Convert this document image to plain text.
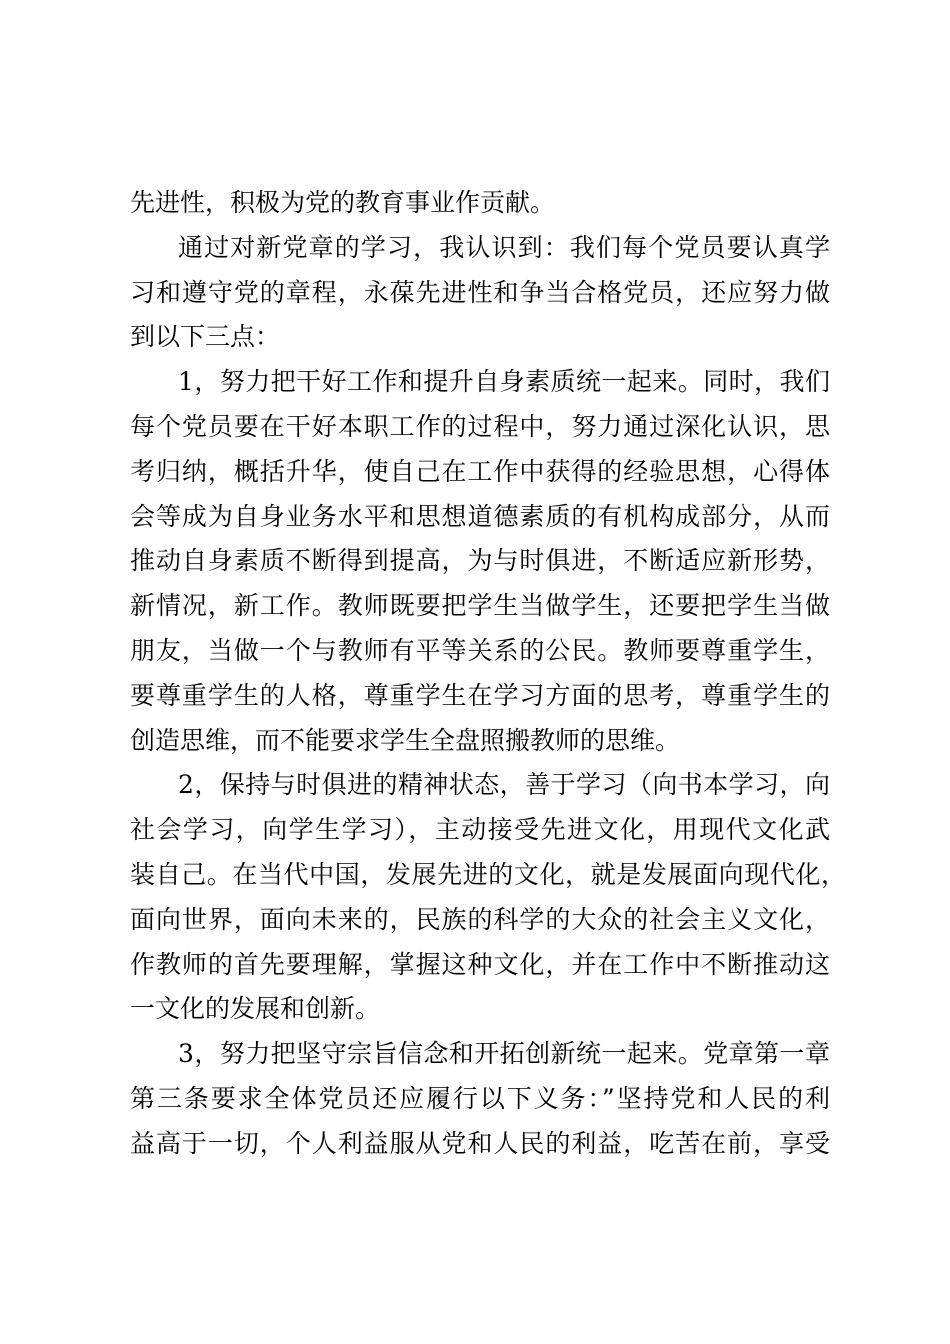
先进性，积极为党的教育事业作贡献。
通过对新党章的学习，我认识到：我们每个党员要认真学
习和遵守党的章程，永葆先进性和争当合格党员，还应努力做
到以下三点：
1，努力把干好工作和提升自身素质统一起来。同时，我们
每个党员要在干好本职工作的过程中，努力通过深化认识，思
考归纳，概括升华，使自己在工作中获得的经验思想，心得体
会等成为自身业务水平和思想道德素质的有机构成部分，从而
推动自身素质不断得到提高，为与时俱进，不断适应新形势，
新情况，新工作。教师既要把学生当做学生，还要把学生当做
朋友，当做一个与教师有平等关系的公民。教师要尊重学生，
要尊重学生的人格，尊重学生在学习方面的思考，尊重学生的
创造思维，而不能要求学生全盘照搬教师的思维。
2，保持与时俱进的精神状态，善于学习（向书本学习，向
社会学习，向学生学习），主动接受先进文化，用现代文化武
装自己。在当代中国，发展先进的文化，就是发展面向现代化，
面向世界，面向未来的，民族的科学的大众的社会主义文化，
作教师的首先要理解，掌握这种文化，并在工作中不断推动这
一文化的发展和创新。
3，努力把坚守宗旨信念和开拓创新统一起来。党章第一章
第三条要求全体党员还应履行以下义务：”坚持党和人民的利
益高于一切，个人利益服从党和人民的利益，吃苦在前，享受
